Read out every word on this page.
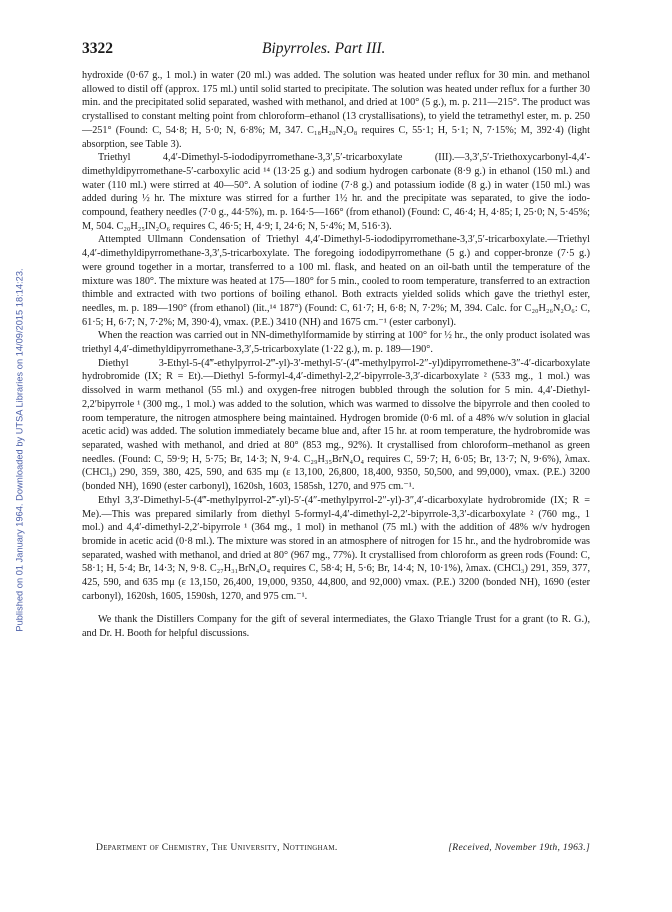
Published on 01 January 1964. Downloaded by UTSA Libraries on 14/09/2015 18:14:23.
3322	Bipyrroles. Part III.

hydroxide (0·67 g., 1 mol.) in water (20 ml.) was added. The solution was heated under reflux for 30 min. and methanol allowed to distil off (approx. 175 ml.) until solid started to precipitate. The solution was heated under reflux for a further 30 min. and the precipitated solid separated, washed with methanol, and dried at 100° (5 g.), m. p. 211—215°. The product was crystallised to constant melting point from chloroform–ethanol (13 crystallisations), to yield the tetramethyl ester, m. p. 250—251° (Found: C, 54·8; H, 5·0; N, 6·8%; M, 347. C₁₈H₂₀N₂O₈ requires C, 55·1; H, 5·1; N, 7·15%; M, 392·4) (light absorption, see Table 3).

Triethyl 4,4′-Dimethyl-5-iododipyrromethane-3,3′,5′-tricarboxylate (III).—3,3′,5′-Triethoxycarbonyl-4,4′-dimethyldipyrromethane-5′-carboxylic acid ¹⁴ (13·25 g.) and sodium hydrogen carbonate (8·9 g.) in ethanol (150 ml.) and water (110 ml.) were stirred at 40—50°. A solution of iodine (7·8 g.) and potassium iodide (8 g.) in water (150 ml.) was added during ½ hr. The mixture was stirred for a further 1½ hr. and the precipitate was separated, to give the iodo-compound, feathery needles (7·0 g., 44·5%), m. p. 164·5—166° (from ethanol) (Found: C, 46·4; H, 4·85; I, 25·0; N, 5·45%; M, 504. C₂₀H₂₅IN₂O₆ requires C, 46·5; H, 4·9; I, 24·6; N, 5·4%; M, 516·3).

Attempted Ullmann Condensation of Triethyl 4,4′-Dimethyl-5-iododipyrromethane-3,3′,5′-tricarboxylate.—Triethyl 4,4′-dimethyldipyrromethane-3,3′,5-tricarboxylate. The foregoing iododipyrromethane (5 g.) and copper-bronze (7·5 g.) were ground together in a mortar, transferred to a 100 ml. flask, and heated on an oil-bath until the temperature of the mixture was 180°. The mixture was heated at 175—180° for 5 min., cooled to room temperature, transferred to an extraction thimble and extracted with two portions of boiling ethanol. Both extracts yielded solids which gave the triethyl ester, needles, m. p. 189—190° (from ethanol) (lit.,¹⁴ 187°) (Found: C, 61·7; H, 6·8; N, 7·2%; M, 394. Calc. for C₂₀H₂₆N₂O₆: C, 61·5; H, 6·7; N, 7·2%; M, 390·4), νmax. (P.E.) 3410 (NH) and 1675 cm.⁻¹ (ester carbonyl).

When the reaction was carried out in NN-dimethylformamide by stirring at 100° for ½ hr., the only product isolated was triethyl 4,4′-dimethyldipyrromethane-3,3′,5-tricarboxylate (1·22 g.), m. p. 189—190°.

Diethyl 3-Ethyl-5-(4‴-ethylpyrrol-2‴-yl)-3′-methyl-5′-(4‴-methylpyrrol-2″-yl)dipyrromethene-3″-4′-dicarboxylate hydrobromide (IX; R = Et).—Diethyl 5-formyl-4,4′-dimethyl-2,2′-bipyrrole-3,3′-dicarboxylate ² (533 mg., 1 mol.) was dissolved in warm methanol (55 ml.) and oxygen-free nitrogen bubbled through the solution for 5 min. 4,4′-Diethyl-2,2′bipyrrole ¹ (300 mg., 1 mol.) was added to the solution, which was warmed to dissolve the bipyrrole and then cooled to room temperature, the nitrogen atmosphere being maintained. Hydrogen bromide (0·6 ml. of a 48% w/v solution in glacial acetic acid) was added. The solution immediately became blue and, after 15 hr. at room temperature, the hydrobromide was separated, washed with methanol, and dried at 80° (853 mg., 92%). It crystallised from chloroform–methanol as green needles. (Found: C, 59·9; H, 5·75; Br, 14·3; N, 9·4. C₂₉H₃₅BrN₄O₄ requires C, 59·7; H, 6·05; Br, 13·7; N, 9·6%), λmax. (CHCl₃) 290, 359, 380, 425, 590, and 635 mμ (ε 13,100, 26,800, 18,400, 9350, 50,500, and 99,000), νmax. (P.E.) 3200 (bonded NH), 1690 (ester carbonyl), 1620sh, 1603, 1585sh, 1270, and 975 cm.⁻¹.

Ethyl 3,3′-Dimethyl-5-(4‴-methylpyrrol-2‴-yl)-5′-(4″-methylpyrrol-2″-yl)-3″,4′-dicarboxylate hydrobromide (IX; R = Me).—This was prepared similarly from diethyl 5-formyl-4,4′-dimethyl-2,2′-bipyrrole-3,3′-dicarboxylate ² (760 mg., 1 mol.) and 4,4′-dimethyl-2,2′-bipyrrole ¹ (364 mg., 1 mol) in methanol (75 ml.) with the addition of 48% w/v hydrogen bromide in acetic acid (0·8 ml.). The mixture was stored in an atmosphere of nitrogen for 15 hr., and the hydrobromide was separated, washed with methanol, and dried at 80° (967 mg., 77%). It crystallised from chloroform as green rods (Found: C, 58·1; H, 5·4; Br, 14·3; N, 9·8. C₂₇H₃₁BrN₄O₄ requires C, 58·4; H, 5·6; Br, 14·4; N, 10·1%), λmax. (CHCl₃) 291, 359, 377, 425, 590, and 635 mμ (ε 13,150, 26,400, 19,000, 9350, 44,800, and 92,000) νmax. (P.E.) 3200 (bonded NH), 1690 (ester carbonyl), 1620sh, 1605, 1590sh, 1270, and 975 cm.⁻¹.

We thank the Distillers Company for the gift of several intermediates, the Glaxo Triangle Trust for a grant (to R. G.), and Dr. H. Booth for helpful discussions.

Department of Chemistry, The University, Nottingham.	[Received, November 19th, 1963.]
